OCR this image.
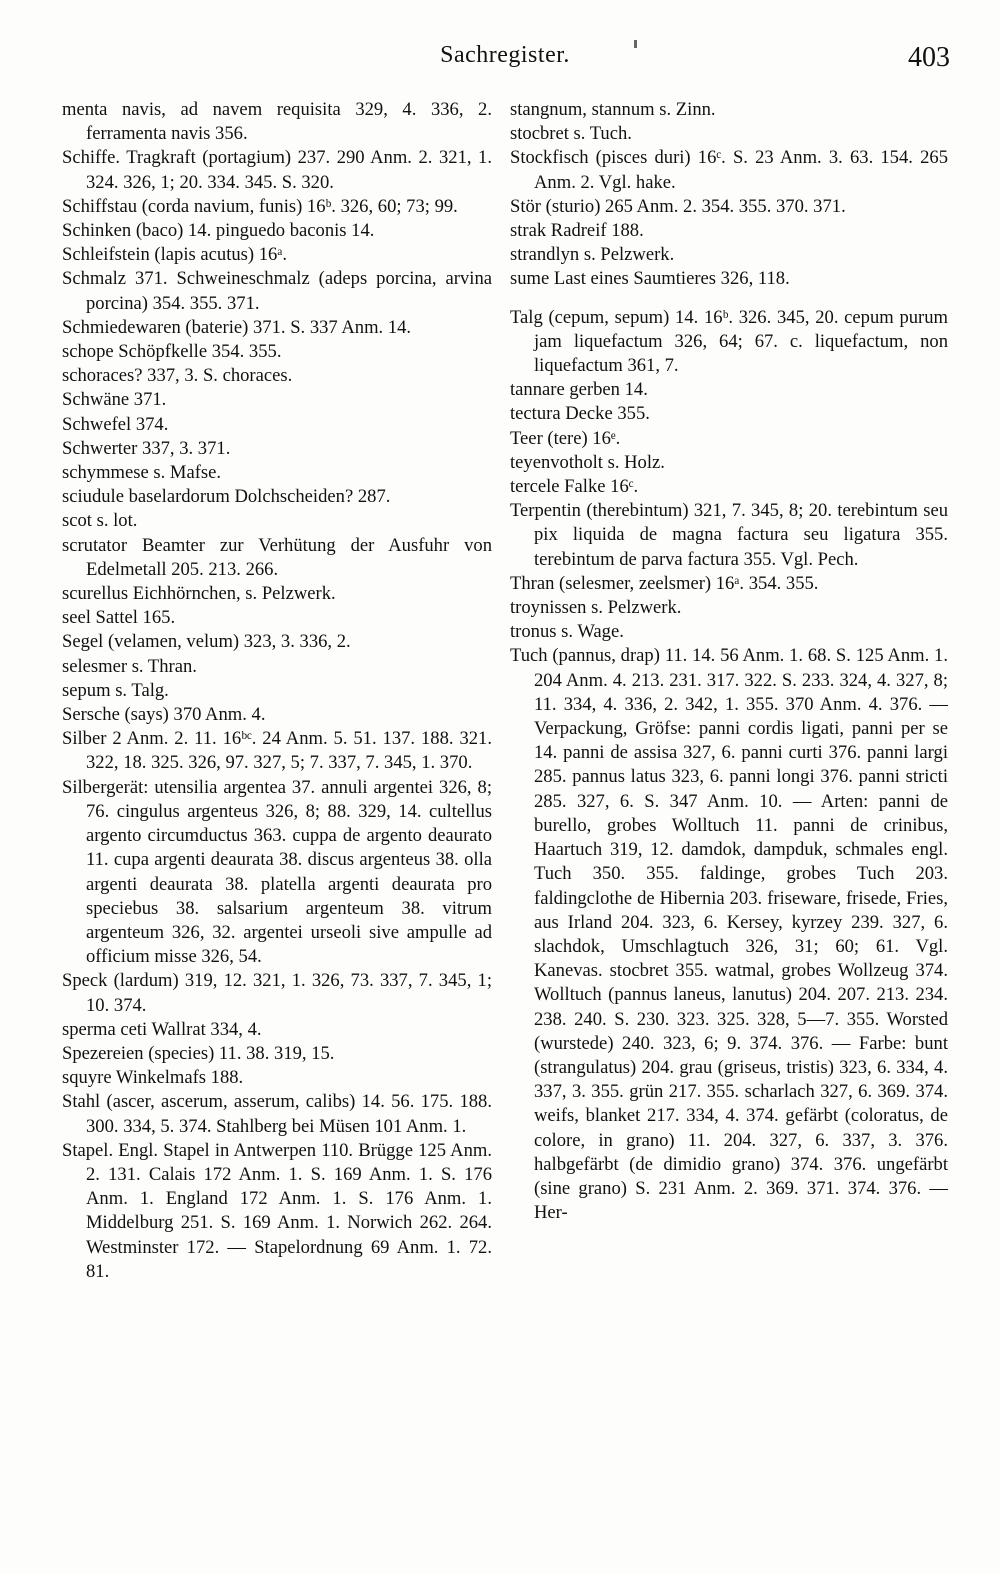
Sachregister.	403

menta navis, ad navem requisita 329, 4. 336, 2. ferramenta navis 356.

Schiffe. Tragkraft (portagium) 237. 290 Anm. 2. 321, 1. 324. 326, 1; 20. 334. 345. S. 320.

Schiffstau (corda navium, funis) 16ᵇ. 326, 60; 73; 99.

Schinken (baco) 14. pinguedo baconis 14.

Schleifstein (lapis acutus) 16ᵃ.

Schmalz 371. Schweineschmalz (adeps porcina, arvina porcina) 354. 355. 371.

Schmiedewaren (baterie) 371. S. 337 Anm. 14.

schope Schöpfkelle 354. 355.

schoraces? 337, 3. S. choraces.

Schwäne 371.

Schwefel 374.

Schwerter 337, 3. 371.

schymmese s. Mafse.

sciudule baselardorum Dolchscheiden? 287.

scot s. lot.

scrutator Beamter zur Verhütung der Ausfuhr von Edelmetall 205. 213. 266.

scurellus Eichhörnchen, s. Pelzwerk.

seel Sattel 165.

Segel (velamen, velum) 323, 3. 336, 2.

selesmer s. Thran.

sepum s. Talg.

Sersche (says) 370 Anm. 4.

Silber 2 Anm. 2. 11. 16ᵇᶜ. 24 Anm. 5. 51. 137. 188. 321. 322, 18. 325. 326, 97. 327, 5; 7. 337, 7. 345, 1. 370.

Silbergerät: utensilia argentea 37. annuli argentei 326, 8; 76. cingulus argenteus 326, 8; 88. 329, 14. cultellus argento circumductus 363. cuppa de argento deaurato 11. cupa argenti deaurata 38. discus argenteus 38. olla argenti deaurata 38. platella argenti deaurata pro speciebus 38. salsarium argenteum 38. vitrum argenteum 326, 32. argentei urseoli sive ampulle ad officium misse 326, 54.

Speck (lardum) 319, 12. 321, 1. 326, 73. 337, 7. 345, 1; 10. 374.

sperma ceti Wallrat 334, 4.

Spezereien (species) 11. 38. 319, 15.

squyre Winkelmafs 188.

Stahl (ascer, ascerum, asserum, calibs) 14. 56. 175. 188. 300. 334, 5. 374. Stahlberg bei Müsen 101 Anm. 1.

Stapel. Engl. Stapel in Antwerpen 110. Brügge 125 Anm. 2. 131. Calais 172 Anm. 1. S. 169 Anm. 1. S. 176 Anm. 1. England 172 Anm. 1. S. 176 Anm. 1. Middelburg 251. S. 169 Anm. 1. Norwich 262. 264. Westminster 172. — Stapelordnung 69 Anm. 1. 72. 81.

stangnum, stannum s. Zinn.

stocbret s. Tuch.

Stockfisch (pisces duri) 16ᶜ. S. 23 Anm. 3. 63. 154. 265 Anm. 2. Vgl. hake.

Stör (sturio) 265 Anm. 2. 354. 355. 370. 371.

strak Radreif 188.

strandlyn s. Pelzwerk.

sume Last eines Saumtieres 326, 118.

Talg (cepum, sepum) 14. 16ᵇ. 326. 345, 20. cepum purum jam liquefactum 326, 64; 67. c. liquefactum, non liquefactum 361, 7.

tannare gerben 14.

tectura Decke 355.

Teer (tere) 16ᵉ.

teyenvotholt s. Holz.

tercele Falke 16ᶜ.

Terpentin (therebintum) 321, 7. 345, 8; 20. terebintum seu pix liquida de magna factura seu ligatura 355. terebintum de parva factura 355. Vgl. Pech.

Thran (selesmer, zeelsmer) 16ᵃ. 354. 355.

troynissen s. Pelzwerk.

tronus s. Wage.

Tuch (pannus, drap) 11. 14. 56 Anm. 1. 68. S. 125 Anm. 1. 204 Anm. 4. 213. 231. 317. 322. S. 233. 324, 4. 327, 8; 11. 334, 4. 336, 2. 342, 1. 355. 370 Anm. 4. 376. — Verpackung, Gröfse: panni cordis ligati, panni per se 14. panni de assisa 327, 6. panni curti 376. panni largi 285. pannus latus 323, 6. panni longi 376. panni stricti 285. 327, 6. S. 347 Anm. 10. — Arten: panni de burello, grobes Wolltuch 11. panni de crinibus, Haartuch 319, 12. damdok, dampduk, schmales engl. Tuch 350. 355. faldinge, grobes Tuch 203. faldingclothe de Hibernia 203. friseware, frisede, Fries, aus Irland 204. 323, 6. Kersey, kyrzey 239. 327, 6. slachdok, Umschlagtuch 326, 31; 60; 61. Vgl. Kanevas. stocbret 355. watmal, grobes Wollzeug 374. Wolltuch (pannus laneus, lanutus) 204. 207. 213. 234. 238. 240. S. 230. 323. 325. 328, 5—7. 355. Worsted (wurstede) 240. 323, 6; 9. 374. 376. — Farbe: bunt (strangulatus) 204. grau (griseus, tristis) 323, 6. 334, 4. 337, 3. 355. grün 217. 355. scharlach 327, 6. 369. 374. weifs, blanket 217. 334, 4. 374. gefärbt (coloratus, de colore, in grano) 11. 204. 327, 6. 337, 3. 376. halbgefärbt (de dimidio grano) 374. 376. ungefärbt (sine grano) S. 231 Anm. 2. 369. 371. 374. 376. — Her-
